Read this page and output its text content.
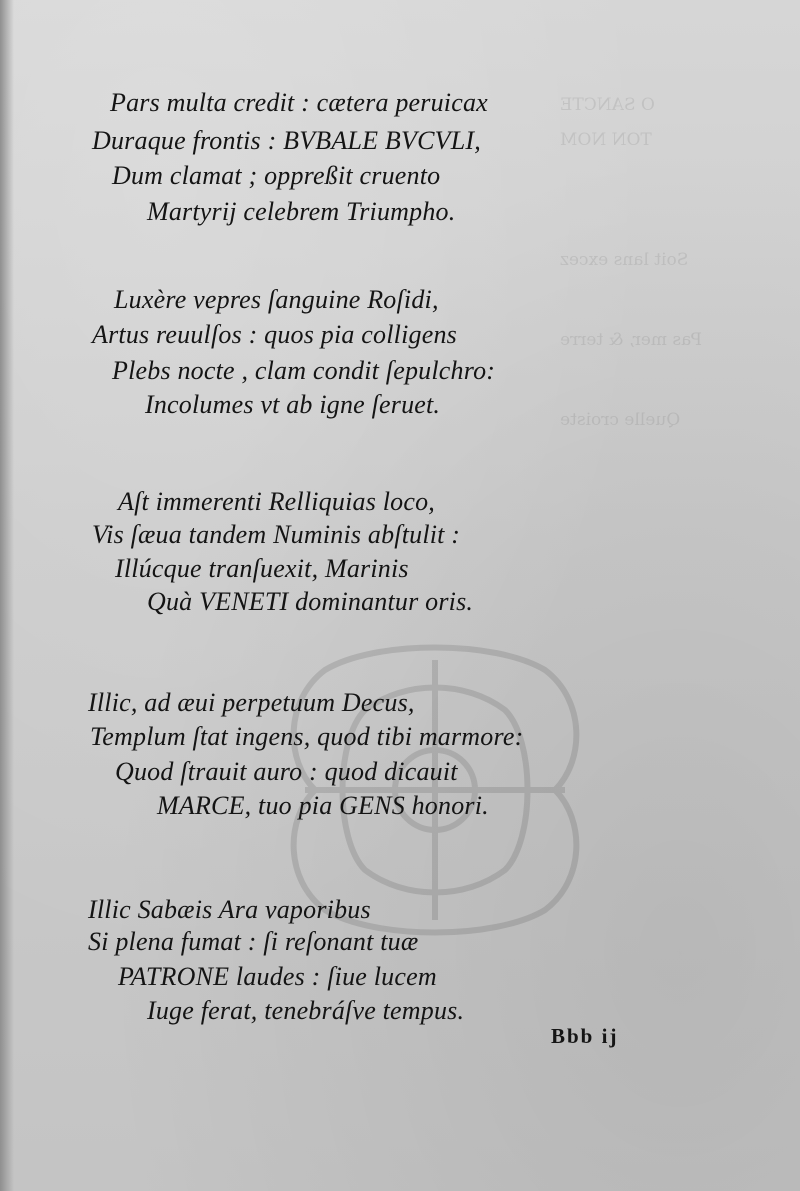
O SANCTE
TON NOM
Soit lans excez
Pas mer, & terre
Quelle croiste
Pars multa credit : cætera peruicax
Duraque frontis : BVBALE BVCVLI,
Dum clamat ; oppreßit cruento
Martyrij celebrem Triumpho.
Luxère vepres ſanguine Roſidi,
Artus reuulſos : quos pia colligens
Plebs nocte , clam condit ſepulchro:
Incolumes vt ab igne ſeruet.
Aſt immerenti Relliquias loco,
Vis ſæua tandem Numinis abſtulit :
Illúcque tranſuexit, Marinis
Quà VENETI dominantur oris.
Illic, ad æui perpetuum Decus,
Templum ſtat ingens, quod tibi marmore:
Quod ſtrauit auro : quod dicauit
MARCE, tuo pia GENS honori.
Illic Sabæis Ara vaporibus
Si plena fumat : ſi reſonant tuæ
PATRONE laudes : ſiue lucem
Iuge ferat, tenebráſve tempus.
Bbb ij
